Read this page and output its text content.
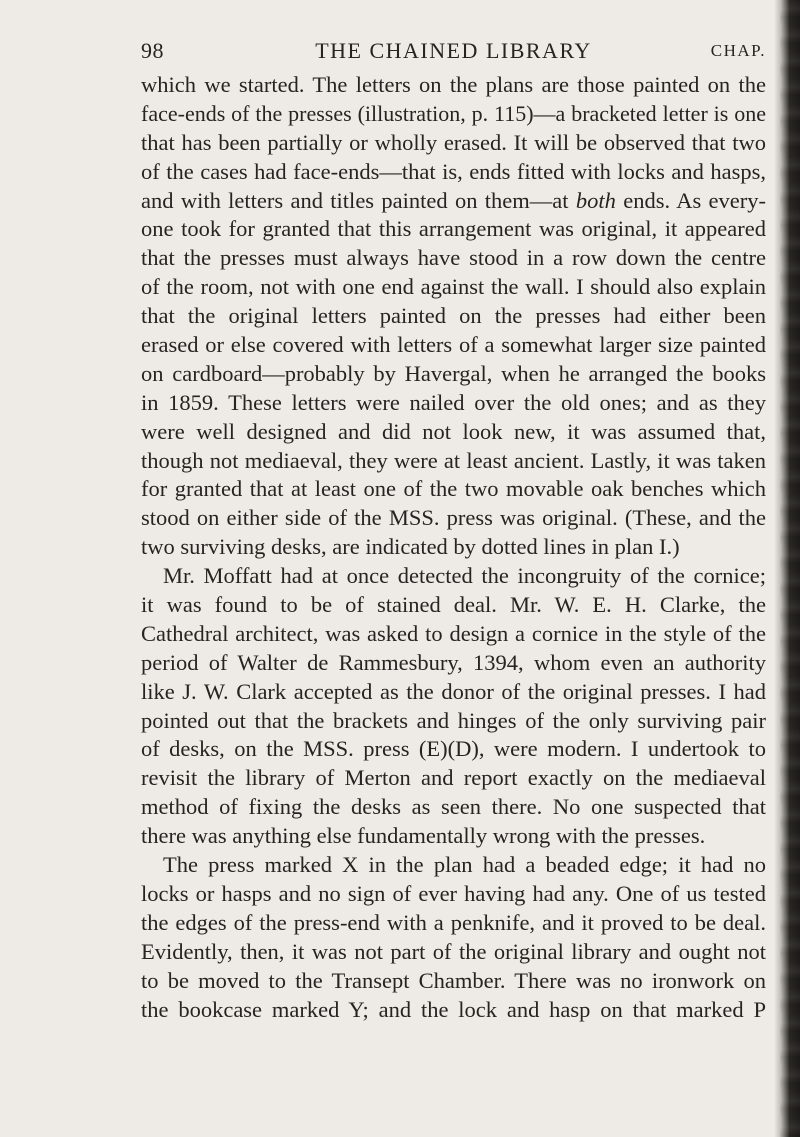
98	THE CHAINED LIBRARY	CHAP.
which we started. The letters on the plans are those painted on the
face-ends of the presses (illustration, p. 115)—a bracketed letter is one
that has been partially or wholly erased. It will be observed that two
of the cases had face-ends—that is, ends fitted with locks and hasps,
and with letters and titles painted on them—at both ends. As every-
one took for granted that this arrangement was original, it appeared
that the presses must always have stood in a row down the centre
of the room, not with one end against the wall. I should also explain
that the original letters painted on the presses had either been
erased or else covered with letters of a somewhat larger size painted
on cardboard—probably by Havergal, when he arranged the books
in 1859. These letters were nailed over the old ones; and as they
were well designed and did not look new, it was assumed that,
though not mediaeval, they were at least ancient. Lastly, it was taken
for granted that at least one of the two movable oak benches which
stood on either side of the MSS. press was original. (These, and the
two surviving desks, are indicated by dotted lines in plan I.)
Mr. Moffatt had at once detected the incongruity of the cornice;
it was found to be of stained deal. Mr. W. E. H. Clarke, the
Cathedral architect, was asked to design a cornice in the style of the
period of Walter de Rammesbury, 1394, whom even an authority
like J. W. Clark accepted as the donor of the original presses. I had
pointed out that the brackets and hinges of the only surviving pair
of desks, on the MSS. press (E)(D), were modern. I undertook to
revisit the library of Merton and report exactly on the mediaeval
method of fixing the desks as seen there. No one suspected that
there was anything else fundamentally wrong with the presses.
The press marked X in the plan had a beaded edge; it had no
locks or hasps and no sign of ever having had any. One of us tested
the edges of the press-end with a penknife, and it proved to be deal.
Evidently, then, it was not part of the original library and ought not
to be moved to the Transept Chamber. There was no ironwork on
the bookcase marked Y; and the lock and hasp on that marked P
